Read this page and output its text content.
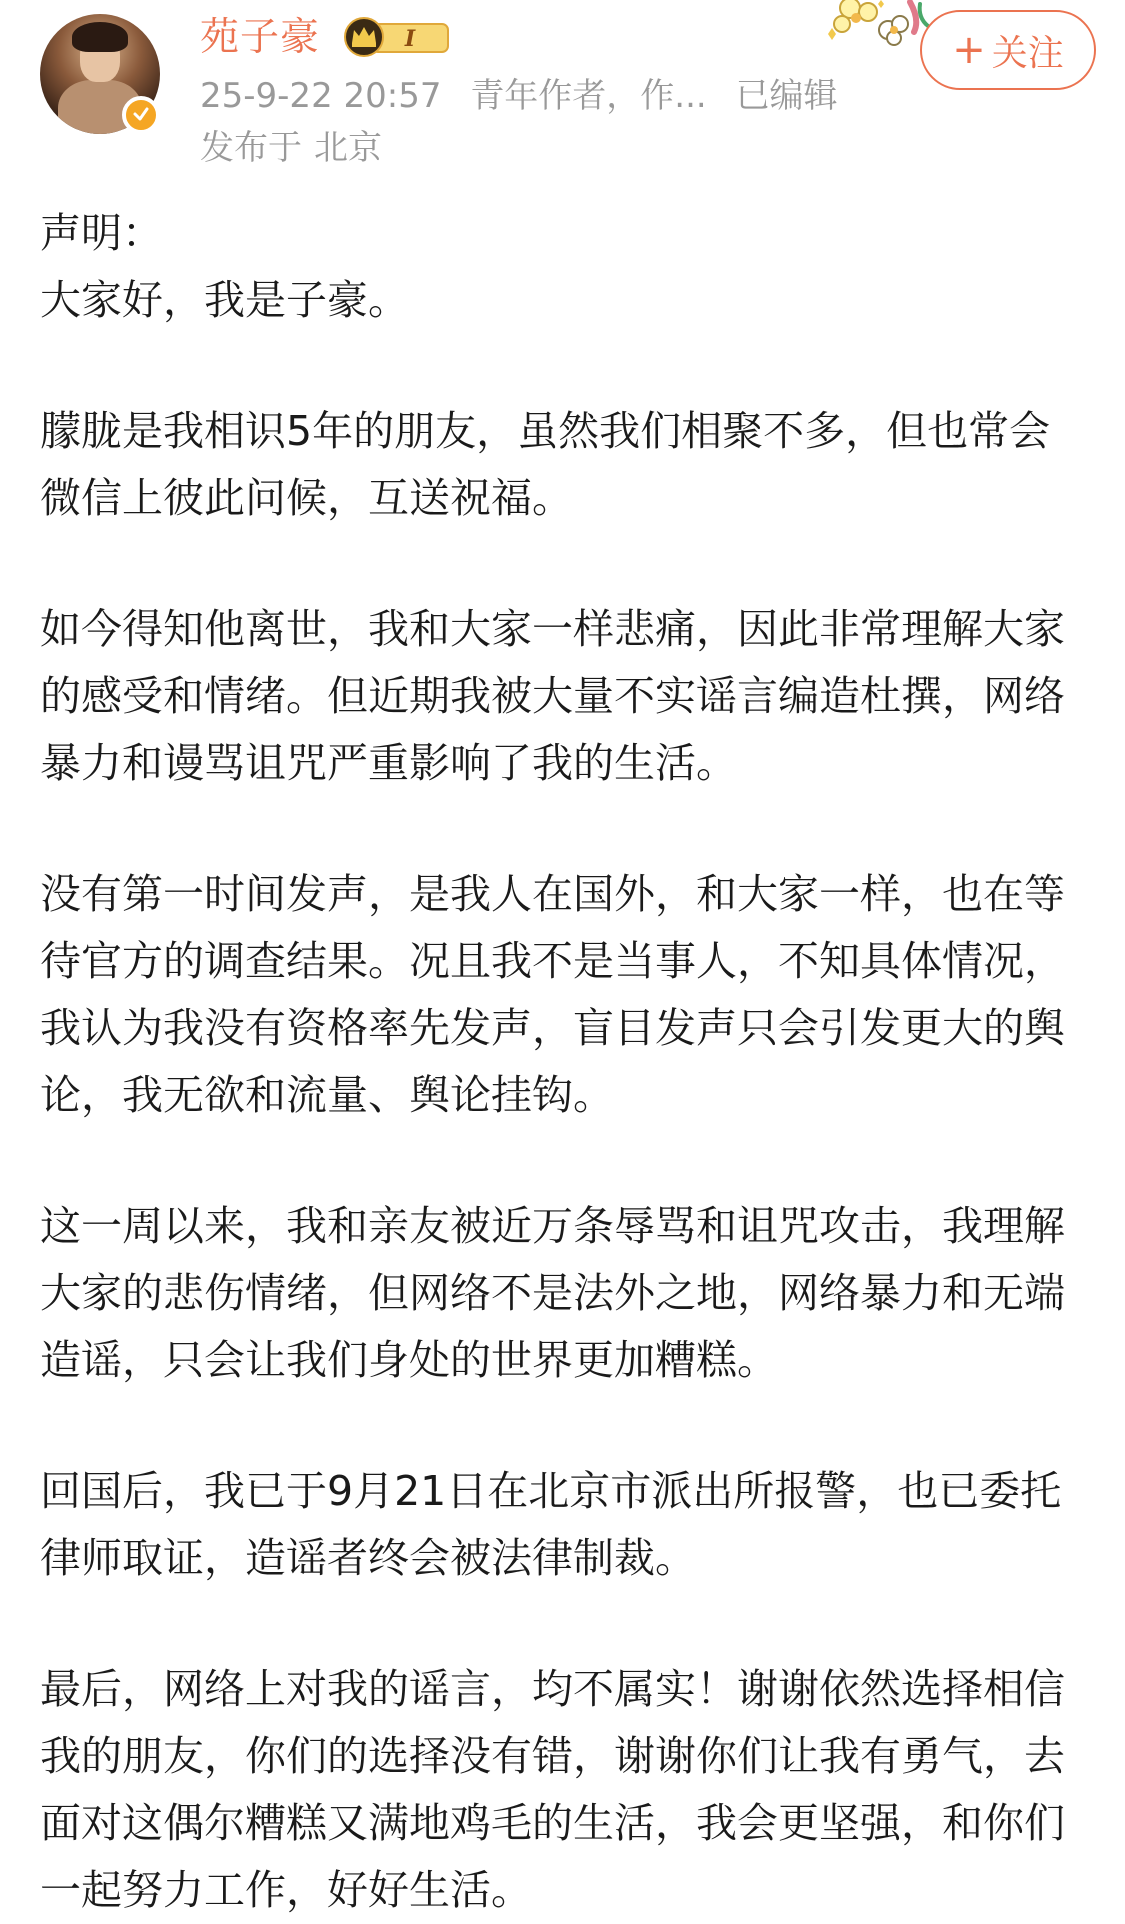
苑子豪	I
25-9-22 20:57 青年作者，作... 已编辑
发布于 北京
+ 关注

声明：

大家好，我是子豪。

朦胧是我相识5年的朋友，虽然我们相聚不多，但也常会微信上彼此问候，互送祝福。

如今得知他离世，我和大家一样悲痛，因此非常理解大家的感受和情绪。但近期我被大量不实谣言编造杜撰，网络暴力和谩骂诅咒严重影响了我的生活。

没有第一时间发声，是我人在国外，和大家一样，也在等待官方的调查结果。况且我不是当事人，不知具体情况，我认为我没有资格率先发声，盲目发声只会引发更大的舆论，我无欲和流量、舆论挂钩。

这一周以来，我和亲友被近万条辱骂和诅咒攻击，我理解大家的悲伤情绪，但网络不是法外之地，网络暴力和无端造谣，只会让我们身处的世界更加糟糕。

回国后，我已于9月21日在北京市派出所报警，也已委托律师取证，造谣者终会被法律制裁。

最后，网络上对我的谣言，均不属实！谢谢依然选择相信我的朋友，你们的选择没有错，谢谢你们让我有勇气，去面对这偶尔糟糕又满地鸡毛的生活，我会更坚强，和你们一起努力工作，好好生活。
